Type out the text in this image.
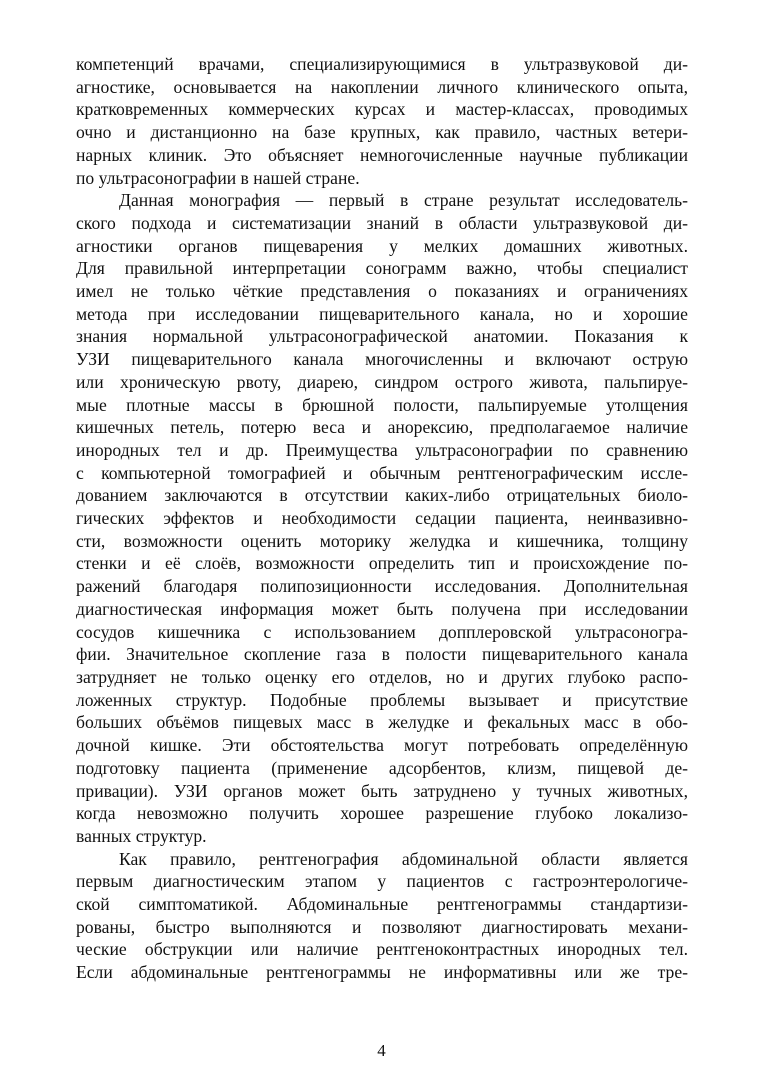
компетенций врачами, специализирующимися в ультразвуковой ди-
агностике, основывается на накоплении личного клинического опыта,
кратковременных коммерческих курсах и мастер-классах, проводимых
очно и дистанционно на базе крупных, как правило, частных ветери-
нарных клиник. Это объясняет немногочисленные научные публикации
по ультрасонографии в нашей стране.

Данная монография — первый в стране результат исследователь-
ского подхода и систематизации знаний в области ультразвуковой ди-
агностики органов пищеварения у мелких домашних животных.
Для правильной интерпретации сонограмм важно, чтобы специалист
имел не только чёткие представления о показаниях и ограничениях
метода при исследовании пищеварительного канала, но и хорошие
знания нормальной ультрасонографической анатомии. Показания к
УЗИ пищеварительного канала многочисленны и включают острую
или хроническую рвоту, диарею, синдром острого живота, пальпируе-
мые плотные массы в брюшной полости, пальпируемые утолщения
кишечных петель, потерю веса и анорексию, предполагаемое наличие
инородных тел и др. Преимущества ультрасонографии по сравнению
с компьютерной томографией и обычным рентгенографическим иссле-
дованием заключаются в отсутствии каких-либо отрицательных биоло-
гических эффектов и необходимости седации пациента, неинвазивно-
сти, возможности оценить моторику желудка и кишечника, толщину
стенки и её слоёв, возможности определить тип и происхождение по-
ражений благодаря полипозиционности исследования. Дополнительная
диагностическая информация может быть получена при исследовании
сосудов кишечника с использованием допплеровской ультрасоногра-
фии. Значительное скопление газа в полости пищеварительного канала
затрудняет не только оценку его отделов, но и других глубоко распо-
ложенных структур. Подобные проблемы вызывает и присутствие
больших объёмов пищевых масс в желудке и фекальных масс в обо-
дочной кишке. Эти обстоятельства могут потребовать определённую
подготовку пациента (применение адсорбентов, клизм, пищевой де-
привации). УЗИ органов может быть затруднено у тучных животных,
когда невозможно получить хорошее разрешение глубоко локализо-
ванных структур.

Как правило, рентгенография абдоминальной области является
первым диагностическим этапом у пациентов с гастроэнтерологиче-
ской симптоматикой. Абдоминальные рентгенограммы стандартизи-
рованы, быстро выполняются и позволяют диагностировать механи-
ческие обструкции или наличие рентгеноконтрастных инородных тел.
Если абдоминальные рентгенограммы не информативны или же тре-

4
